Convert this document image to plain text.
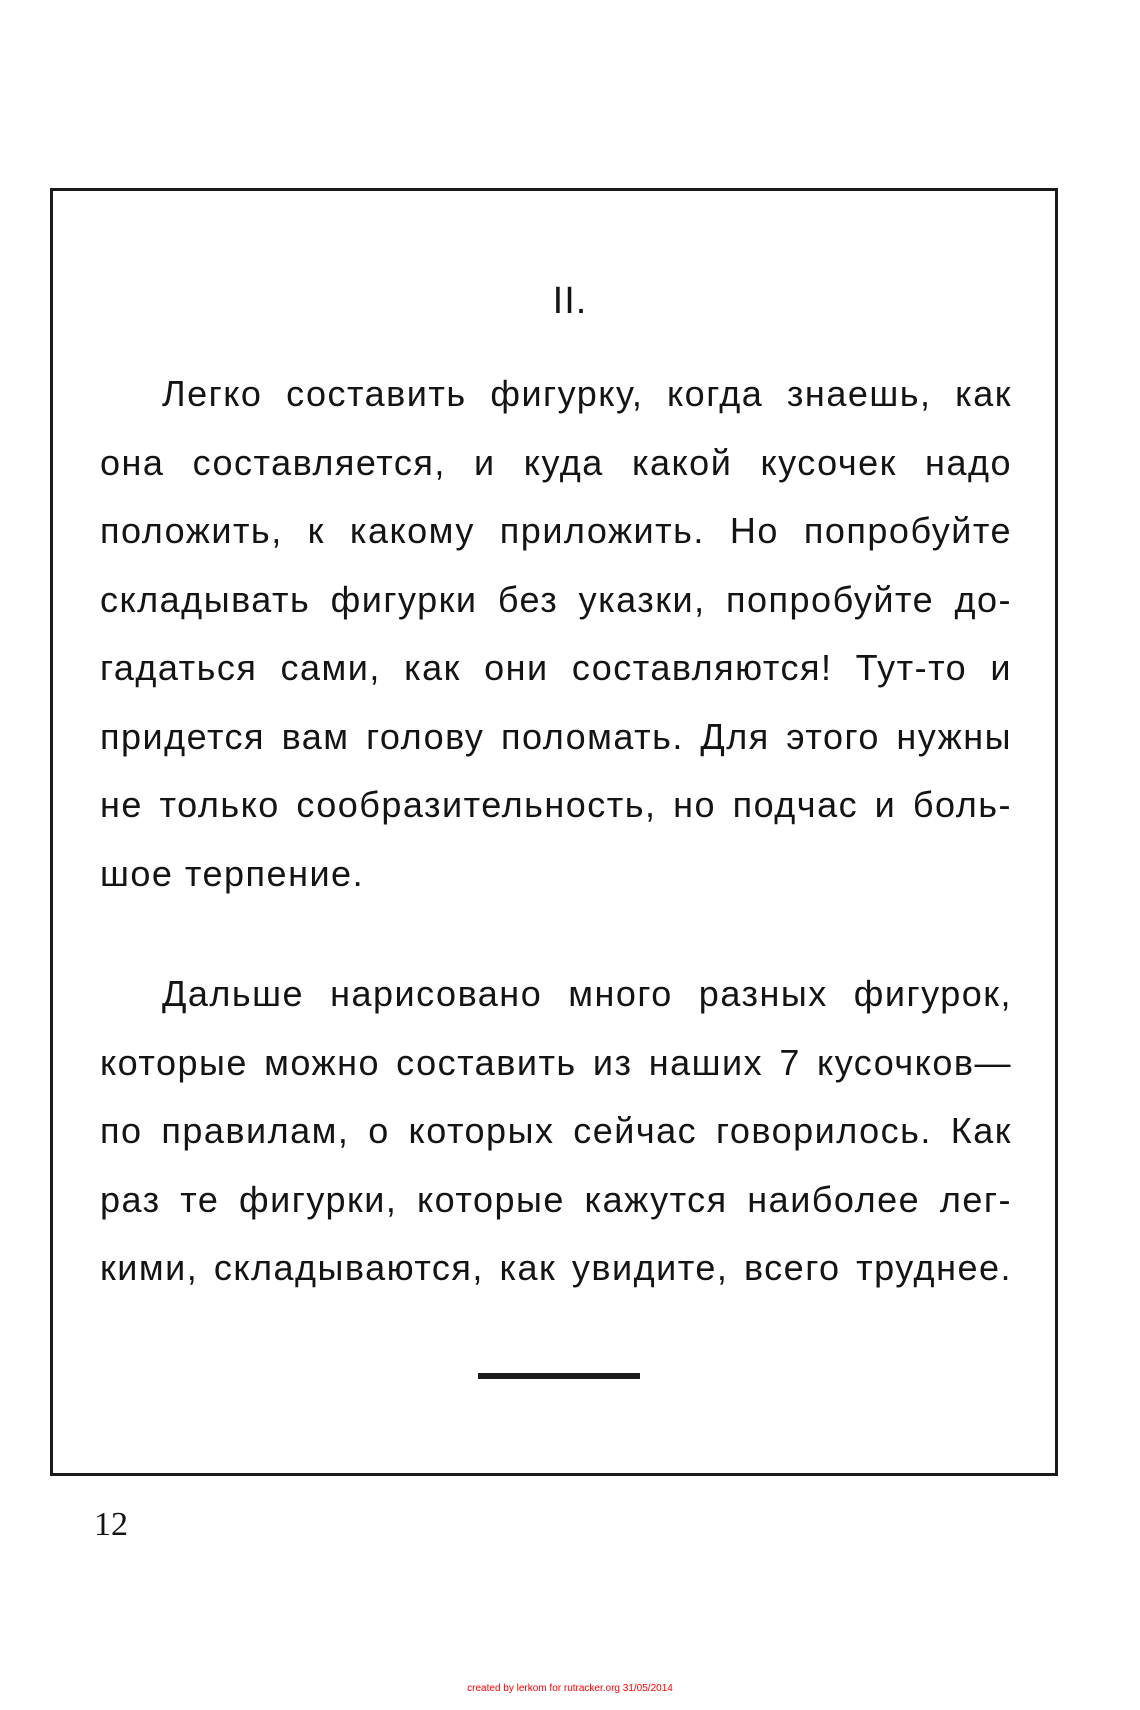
II.
Легко составить фигурку, когда знаешь, как
она составляется, и куда какой кусочек надо
положить, к какому приложить. Но попробуйте
складывать фигурки без указки, попробуйте до-
гадаться сами, как они составляются! Тут-то и
придется вам голову поломать. Для этого нужны
не только сообразительность, но подчас и боль-
шое терпение.
Дальше нарисовано много разных фигурок,
которые можно составить из наших 7 кусочков—
по правилам, о которых сейчас говорилось. Как
раз те фигурки, которые кажутся наиболее лег-
кими, складываются, как увидите, всего труднее.
12
created by lerkom for rutracker.org 31/05/2014
